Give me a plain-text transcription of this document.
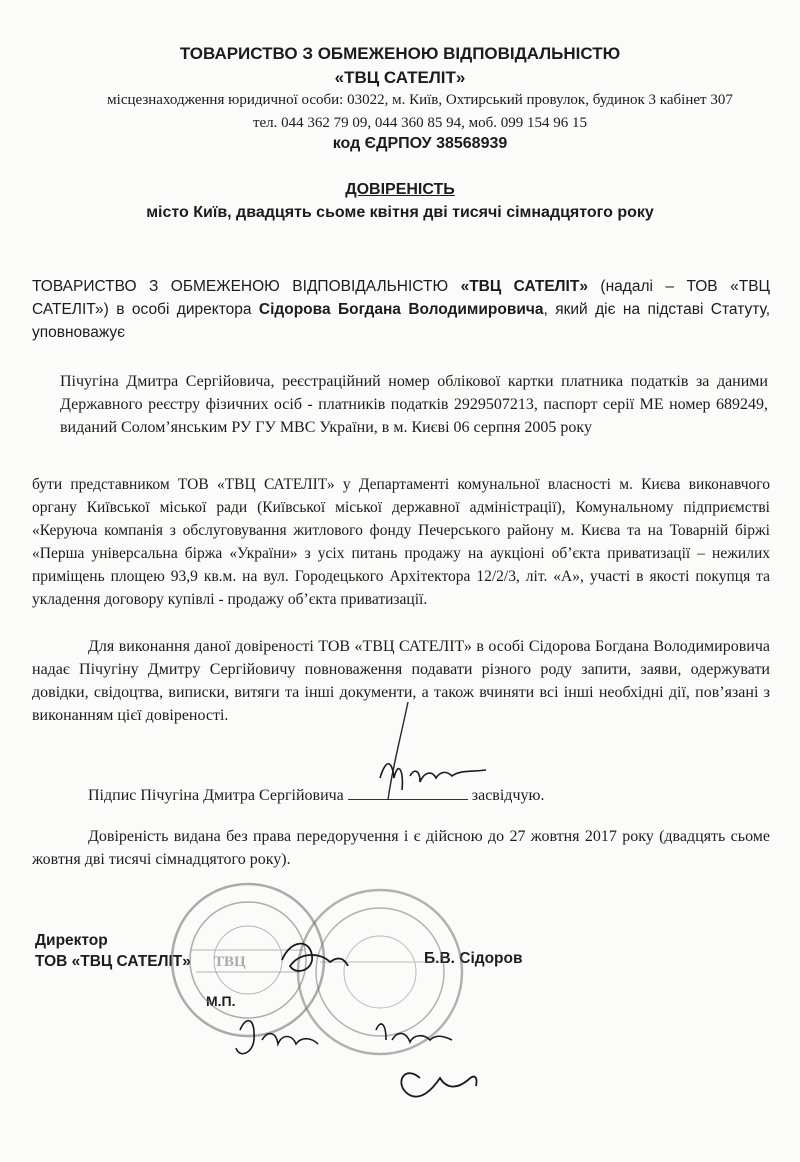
ТОВАРИСТВО З ОБМЕЖЕНОЮ ВІДПОВІДАЛЬНІСТЮ
«ТВЦ САТЕЛІТ»
місцезнаходження юридичної особи: 03022, м. Київ, Охтирський провулок, будинок 3 кабінет 307
тел. 044 362 79 09, 044 360 85 94, моб. 099 154 96 15
код ЄДРПОУ 38568939
ДОВІРЕНІСТЬ
місто Київ, двадцять сьоме квітня дві тисячі сімнадцятого року
ТОВАРИСТВО З ОБМЕЖЕНОЮ ВІДПОВІДАЛЬНІСТЮ «ТВЦ САТЕЛІТ» (надалі – ТОВ «ТВЦ САТЕЛІТ») в особі директора Сідорова Богдана Володимировича, який діє на підставі Статуту, уповноважує
Пічугіна Дмитра Сергійовича, реєстраційний номер облікової картки платника податків за даними Державного реєстру фізичних осіб - платників податків 2929507213, паспорт серії МЕ номер 689249, виданий Солом’янським РУ ГУ МВС України, в м. Києві 06 серпня 2005 року
бути представником ТОВ «ТВЦ САТЕЛІТ» у Департаменті комунальної власності м. Києва виконавчого органу Київської міської ради (Київської міської державної адміністрації), Комунальному підприємстві «Керуюча компанія з обслуговування житлового фонду Печерського району м. Києва та на Товарній біржі «Перша універсальна біржа «України» з усіх питань продажу на аукціоні об’єкта приватизації – нежилих приміщень площею 93,9 кв.м. на вул. Городецького Архітектора 12/2/3, літ. «А», участі в якості покупця та укладення договору купівлі - продажу об’єкта приватизації.
Для виконання даної довіреності ТОВ «ТВЦ САТЕЛІТ» в особі Сідорова Богдана Володимировича надає Пічугіну Дмитру Сергійовичу повноваження подавати різного роду запити, заяви, одержувати довідки, свідоцтва, виписки, витяги та інші документи, а також вчиняти всі інші необхідні дії, пов’язані з виконанням цієї довіреності.
Підпис Пічугіна Дмитра Сергійовича	засвідчую.
Довіреність видана без права передоручення і є дійсною до 27 жовтня 2017 року (двадцять сьоме жовтня дві тисячі сімнадцятого року).
Директор
ТОВ «ТВЦ САТЕЛІТ»	Б.В. Сідоров
М.П.
ТВЦ
